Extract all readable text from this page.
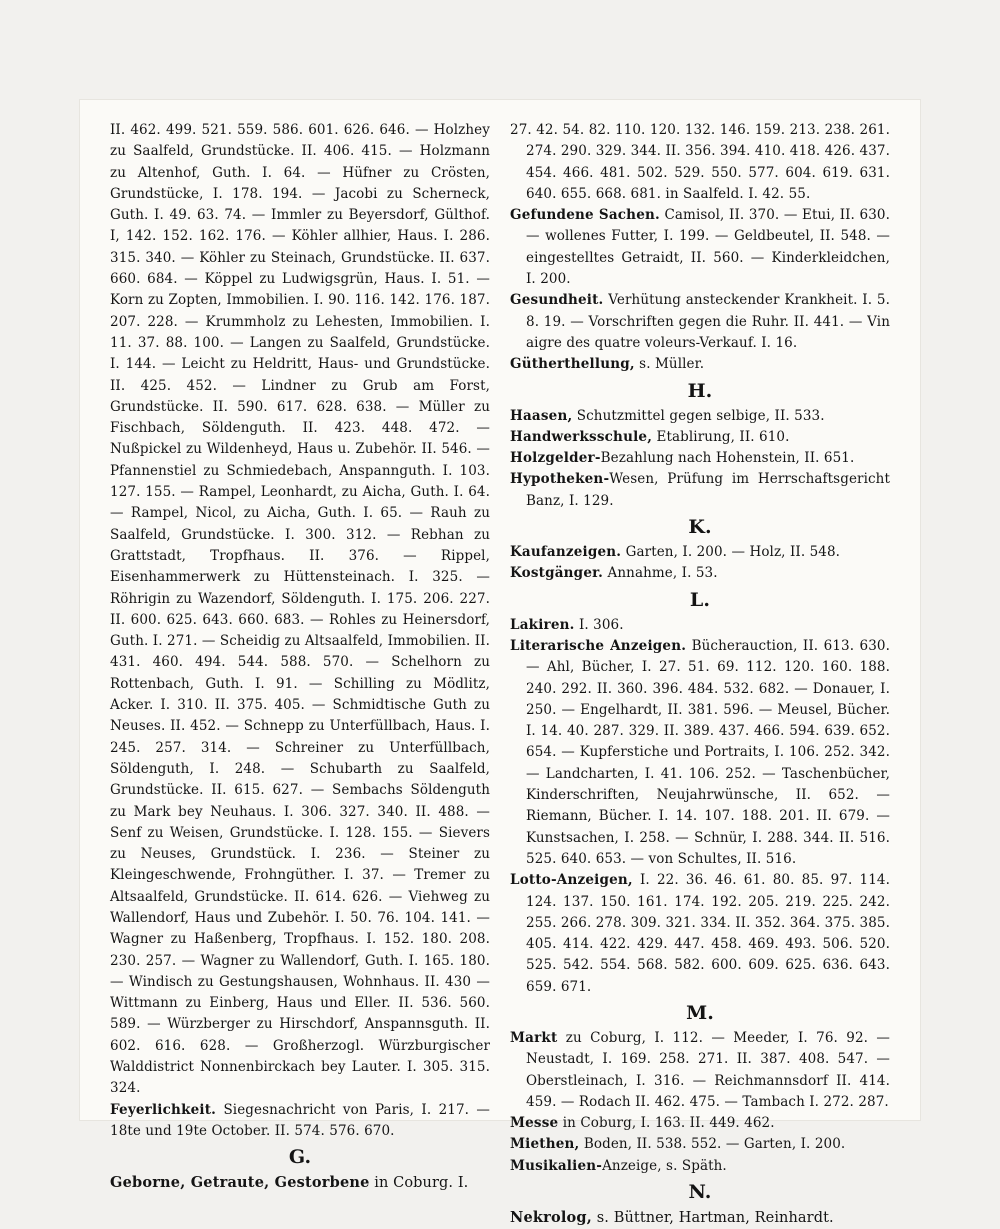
II. 462. 499. 521. 559. 586. 601. 626. 646. — Holzhey zu Saalfeld, Grundstücke. II. 406. 415. — Holzmann zu Altenhof, Guth. I. 64. — Hüfner zu Crösten, Grundstücke, I. 178. 194. — Jacobi zu Scherneck, Guth. I. 49. 63. 74. — Immler zu Beyersdorf, Gülthof. I, 142. 152. 162. 176. — Köhler allhier, Haus. I. 286. 315. 340. — Köhler zu Steinach, Grundstücke. II. 637. 660. 684. — Köppel zu Ludwigsgrün, Haus. I. 51. — Korn zu Zopten, Immobilien. I. 90. 116. 142. 176. 187. 207. 228. — Krummholz zu Lehesten, Immobilien. I. 11. 37. 88. 100. — Langen zu Saalfeld, Grundstücke. I. 144. — Leicht zu Heldritt, Haus- und Grundstücke. II. 425. 452. — Lindner zu Grub am Forst, Grundstücke. II. 590. 617. 628. 638. — Müller zu Fischbach, Söldenguth. II. 423. 448. 472. — Nußpickel zu Wildenheyd, Haus u. Zubehör. II. 546. — Pfannenstiel zu Schmiedebach, Anspannguth. I. 103. 127. 155. — Rampel, Leonhardt, zu Aicha, Guth. I. 64. — Rampel, Nicol, zu Aicha, Guth. I. 65. — Rauh zu Saalfeld, Grundstücke. I. 300. 312. — Rebhan zu Grattstadt, Tropfhaus. II. 376. — Rippel, Eisenhammerwerk zu Hüttensteinach. I. 325. — Röhrigin zu Wazendorf, Söldenguth. I. 175. 206. 227. II. 600. 625. 643. 660. 683. — Rohles zu Heinersdorf, Guth. I. 271. — Scheidig zu Altsaalfeld, Immobilien. II. 431. 460. 494. 544. 588. 570. — Schelhorn zu Rottenbach, Guth. I. 91. — Schilling zu Mödlitz, Acker. I. 310. II. 375. 405. — Schmidtische Guth zu Neuses. II. 452. — Schnepp zu Unterfüllbach, Haus. I. 245. 257. 314. — Schreiner zu Unterfüllbach, Söldenguth, I. 248. — Schubarth zu Saalfeld, Grundstücke. II. 615. 627. — Sembachs Söldenguth zu Mark bey Neuhaus. I. 306. 327. 340. II. 488. — Senf zu Weisen, Grundstücke. I. 128. 155. — Sievers zu Neuses, Grundstück. I. 236. — Steiner zu Kleingeschwende, Frohngüther. I. 37. — Tremer zu Altsaalfeld, Grundstücke. II. 614. 626. — Viehweg zu Wallendorf, Haus und Zubehör. I. 50. 76. 104. 141. — Wagner zu Haßenberg, Tropfhaus. I. 152. 180. 208. 230. 257. — Wagner zu Wallendorf, Guth. I. 165. 180. — Windisch zu Gestungshausen, Wohnhaus. II. 430 — Wittmann zu Einberg, Haus und Eller. II. 536. 560. 589. — Würzberger zu Hirschdorf, Anspannsguth. II. 602. 616. 628. — Großherzogl. Würzburgischer Walddistrict Nonnenbirckach bey Lauter. I. 305. 315. 324.

Feyerlichkeit. Siegesnachricht von Paris, I. 217. — 18te und 19te October. II. 574. 576. 670.

G.

Geborne, Getraute, Gestorbene in Coburg. I.

27. 42. 54. 82. 110. 120. 132. 146. 159. 213. 238. 261. 274. 290. 329. 344. II. 356. 394. 410. 418. 426. 437. 454. 466. 481. 502. 529. 550. 577. 604. 619. 631. 640. 655. 668. 681. in Saalfeld. I. 42. 55.

Gefundene Sachen. Camisol, II. 370. — Etui, II. 630. — wollenes Futter, I. 199. — Geldbeutel, II. 548. — eingestelltes Getraidt, II. 560. — Kinderkleidchen, I. 200.

Gesundheit. Verhütung ansteckender Krankheit. I. 5. 8. 19. — Vorschriften gegen die Ruhr. II. 441. — Vin aigre des quatre voleurs-Verkauf. I. 16.

Gütherthellung, s. Müller.

H.

Haasen, Schutzmittel gegen selbige, II. 533.

Handwerksschule, Etablirung, II. 610.

Holzgelder-Bezahlung nach Hohenstein, II. 651.

Hypotheken-Wesen, Prüfung im Herrschaftsgericht Banz, I. 129.

K.

Kaufanzeigen. Garten, I. 200. — Holz, II. 548.

Kostgänger. Annahme, I. 53.

L.

Lakiren. I. 306.

Literarische Anzeigen. Bücherauction, II. 613. 630. — Ahl, Bücher, I. 27. 51. 69. 112. 120. 160. 188. 240. 292. II. 360. 396. 484. 532. 682. — Donauer, I. 250. — Engelhardt, II. 381. 596. — Meusel, Bücher. I. 14. 40. 287. 329. II. 389. 437. 466. 594. 639. 652. 654. — Kupferstiche und Portraits, I. 106. 252. 342. — Landcharten, I. 41. 106. 252. — Taschenbücher, Kinderschriften, Neujahrwünsche, II. 652. — Riemann, Bücher. I. 14. 107. 188. 201. II. 679. — Kunstsachen, I. 258. — Schnür, I. 288. 344. II. 516. 525. 640. 653. — von Schultes, II. 516.

Lotto-Anzeigen, I. 22. 36. 46. 61. 80. 85. 97. 114. 124. 137. 150. 161. 174. 192. 205. 219. 225. 242. 255. 266. 278. 309. 321. 334. II. 352. 364. 375. 385. 405. 414. 422. 429. 447. 458. 469. 493. 506. 520. 525. 542. 554. 568. 582. 600. 609. 625. 636. 643. 659. 671.

M.

Markt zu Coburg, I. 112. — Meeder, I. 76. 92. — Neustadt, I. 169. 258. 271. II. 387. 408. 547. — Oberstleinach, I. 316. — Reichmannsdorf II. 414. 459. — Rodach II. 462. 475. — Tambach I. 272. 287.

Messe in Coburg, I. 163. II. 449. 462.

Miethen, Boden, II. 538. 552. — Garten, I. 200.

Musikalien-Anzeige, s. Späth.

N.

Nekrolog, s. Büttner, Hartman, Reinhardt.
